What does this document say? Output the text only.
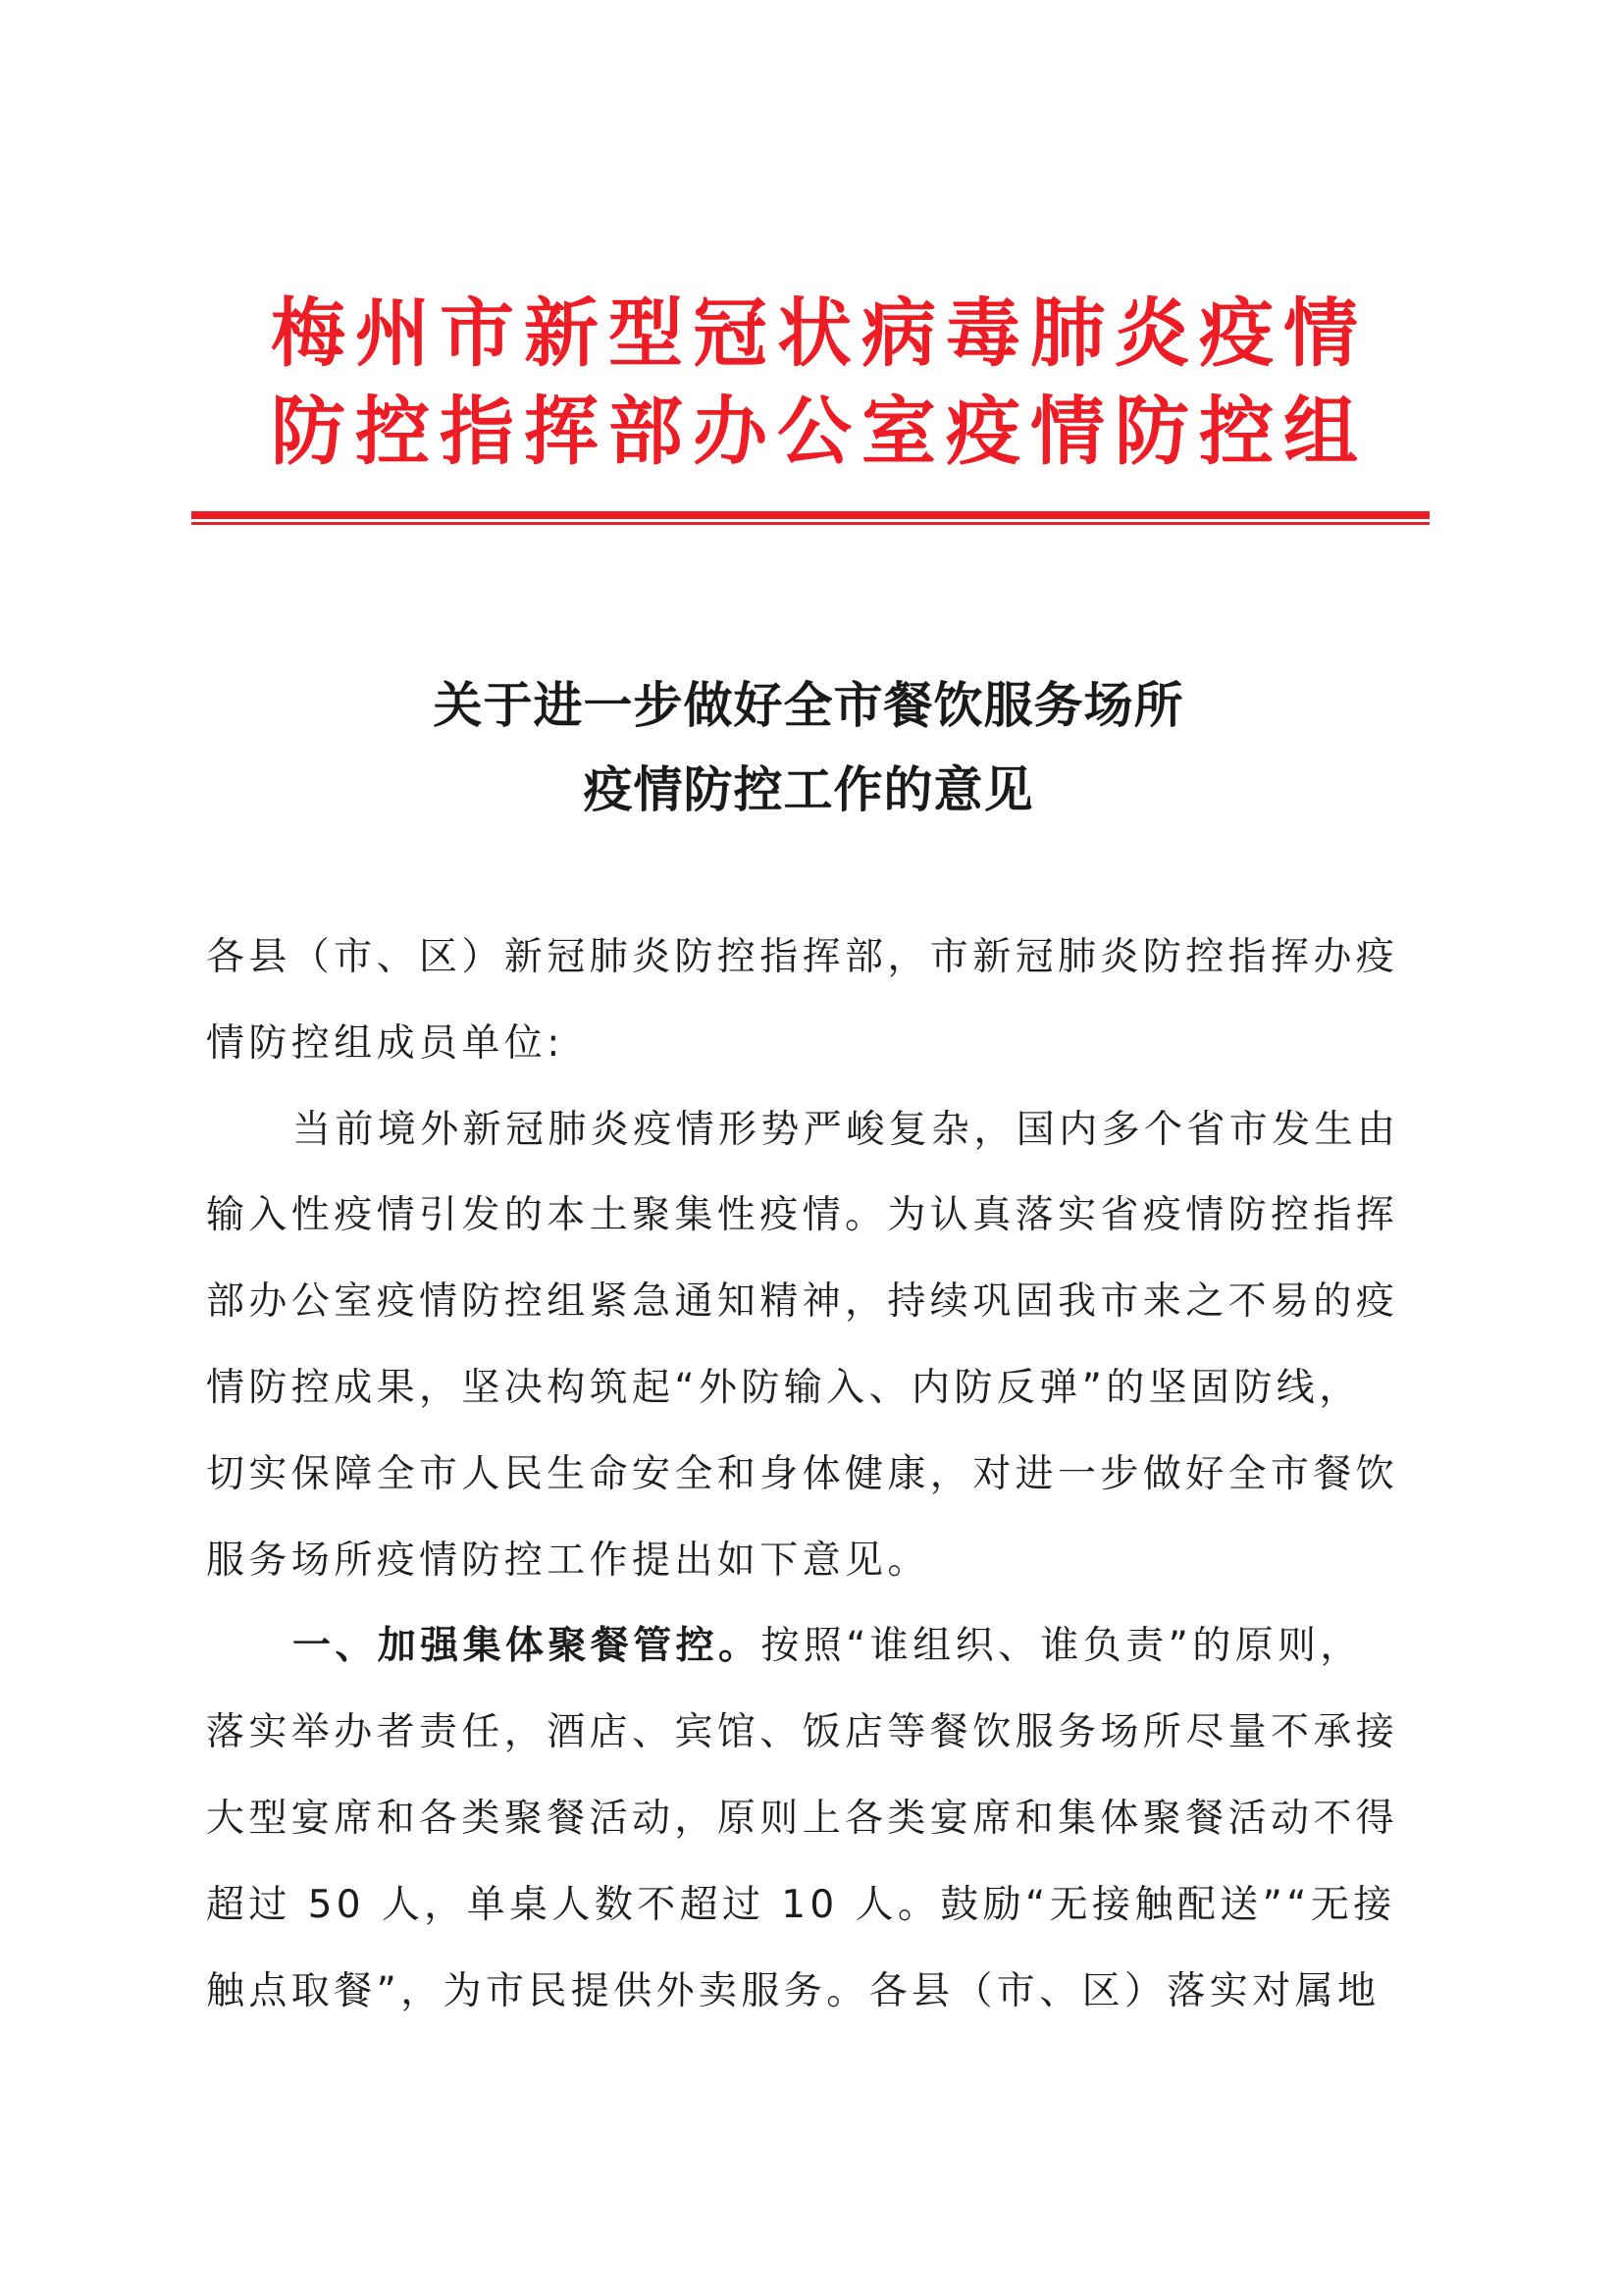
梅州市新型冠状病毒肺炎疫情
防控指挥部办公室疫情防控组
关于进一步做好全市餐饮服务场所
疫情防控工作的意见
各县（市、区）新冠肺炎防控指挥部，市新冠肺炎防控指挥办疫
情防控组成员单位:
当前境外新冠肺炎疫情形势严峻复杂，国内多个省市发生由
输入性疫情引发的本土聚集性疫情。为认真落实省疫情防控指挥
部办公室疫情防控组紧急通知精神，持续巩固我市来之不易的疫
情防控成果，坚决构筑起“外防输入、内防反弹”的坚固防线，
切实保障全市人民生命安全和身体健康，对进一步做好全市餐饮
服务场所疫情防控工作提出如下意见。
一、加强集体聚餐管控。按照“谁组织、谁负责”的原则，
落实举办者责任，酒店、宾馆、饭店等餐饮服务场所尽量不承接
大型宴席和各类聚餐活动，原则上各类宴席和集体聚餐活动不得
超过 50 人，单桌人数不超过 10 人。鼓励“无接触配送”“无接
触点取餐”，为市民提供外卖服务。各县（市、区）落实对属地
